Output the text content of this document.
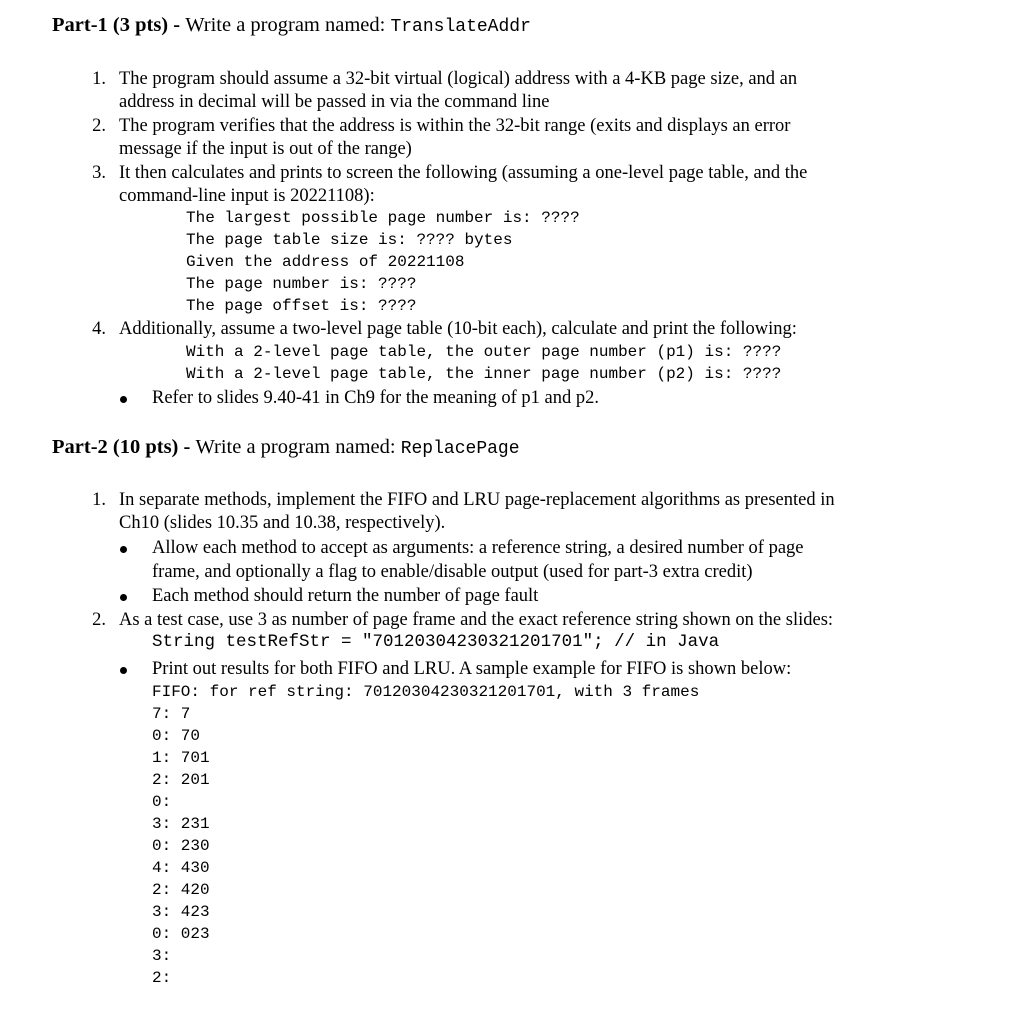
Part-1 (3 pts) - Write a program named: TranslateAddr
1. The program should assume a 32-bit virtual (logical) address with a 4-KB page size, and an
address in decimal will be passed in via the command line
2. The program verifies that the address is within the 32-bit range (exits and displays an error
message if the input is out of the range)
3. It then calculates and prints to screen the following (assuming a one-level page table, and the
command-line input is 20221108):
The largest possible page number is: ????
The page table size is: ???? bytes
Given the address of 20221108
The page number is: ????
The page offset is: ????
4. Additionally, assume a two-level page table (10-bit each), calculate and print the following:
With a 2-level page table, the outer page number (p1) is: ????
With a 2-level page table, the inner page number (p2) is: ????
Refer to slides 9.40-41 in Ch9 for the meaning of p1 and p2.
Part-2 (10 pts) - Write a program named: ReplacePage
1. In separate methods, implement the FIFO and LRU page-replacement algorithms as presented in
Ch10 (slides 10.35 and 10.38, respectively).
Allow each method to accept as arguments: a reference string, a desired number of page
frame, and optionally a flag to enable/disable output (used for part-3 extra credit)
Each method should return the number of page fault
2. As a test case, use 3 as number of page frame and the exact reference string shown on the slides:
String testRefStr = "70120304230321201701"; // in Java
Print out results for both FIFO and LRU. A sample example for FIFO is shown below:
FIFO: for ref string: 70120304230321201701, with 3 frames
7: 7
0: 70
1: 701
2: 201
0:
3: 231
0: 230
4: 430
2: 420
3: 423
0: 023
3:
2:
